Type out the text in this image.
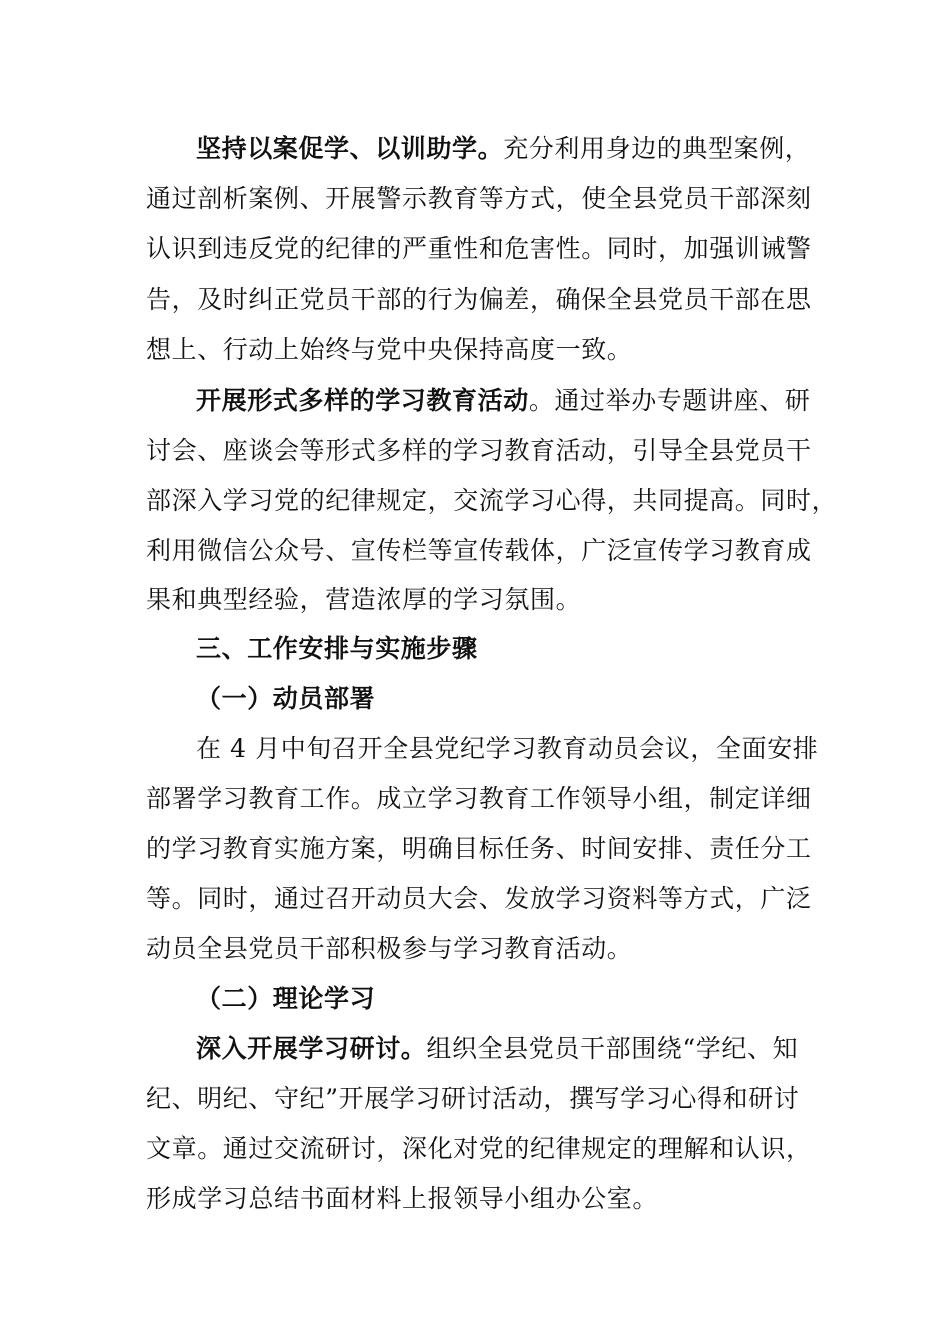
坚持以案促学、以训助学。充分利用身边的典型案例，
通过剖析案例、开展警示教育等方式，使全县党员干部深刻
认识到违反党的纪律的严重性和危害性。同时，加强训诫警
告，及时纠正党员干部的行为偏差，确保全县党员干部在思
想上、行动上始终与党中央保持高度一致。
开展形式多样的学习教育活动。通过举办专题讲座、研
讨会、座谈会等形式多样的学习教育活动，引导全县党员干
部深入学习党的纪律规定，交流学习心得，共同提高。同时，
利用微信公众号、宣传栏等宣传载体，广泛宣传学习教育成
果和典型经验，营造浓厚的学习氛围。
三、工作安排与实施步骤
（一）动员部署
在 4 月中旬召开全县党纪学习教育动员会议，全面安排
部署学习教育工作。成立学习教育工作领导小组，制定详细
的学习教育实施方案，明确目标任务、时间安排、责任分工
等。同时，通过召开动员大会、发放学习资料等方式，广泛
动员全县党员干部积极参与学习教育活动。
（二）理论学习
深入开展学习研讨。组织全县党员干部围绕“学纪、知
纪、明纪、守纪”开展学习研讨活动，撰写学习心得和研讨
文章。通过交流研讨，深化对党的纪律规定的理解和认识，
形成学习总结书面材料上报领导小组办公室。
